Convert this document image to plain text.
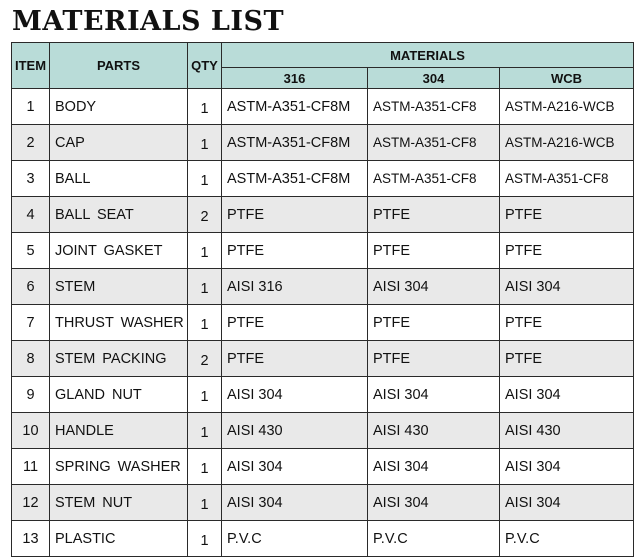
MATERIALS LIST
ITEM	PARTS	QTY	MATERIALS		
			316	304	WCB
1	BODY	1	ASTM-A351-CF8M	ASTM-A351-CF8	ASTM-A216-WCB
2	CAP	1	ASTM-A351-CF8M	ASTM-A351-CF8	ASTM-A216-WCB
3	BALL	1	ASTM-A351-CF8M	ASTM-A351-CF8	ASTM-A351-CF8
4	BALL SEAT	2	PTFE	PTFE	PTFE
5	JOINT GASKET	1	PTFE	PTFE	PTFE
6	STEM	1	AISI 316	AISI 304	AISI 304
7	THRUST WASHER	1	PTFE	PTFE	PTFE
8	STEM PACKING	2	PTFE	PTFE	PTFE
9	GLAND NUT	1	AISI 304	AISI 304	AISI 304
10	HANDLE	1	AISI 430	AISI 430	AISI 430
11	SPRING WASHER	1	AISI 304	AISI 304	AISI 304
12	STEM NUT	1	AISI 304	AISI 304	AISI 304
13	PLASTIC	1	P.V.C	P.V.C	P.V.C
